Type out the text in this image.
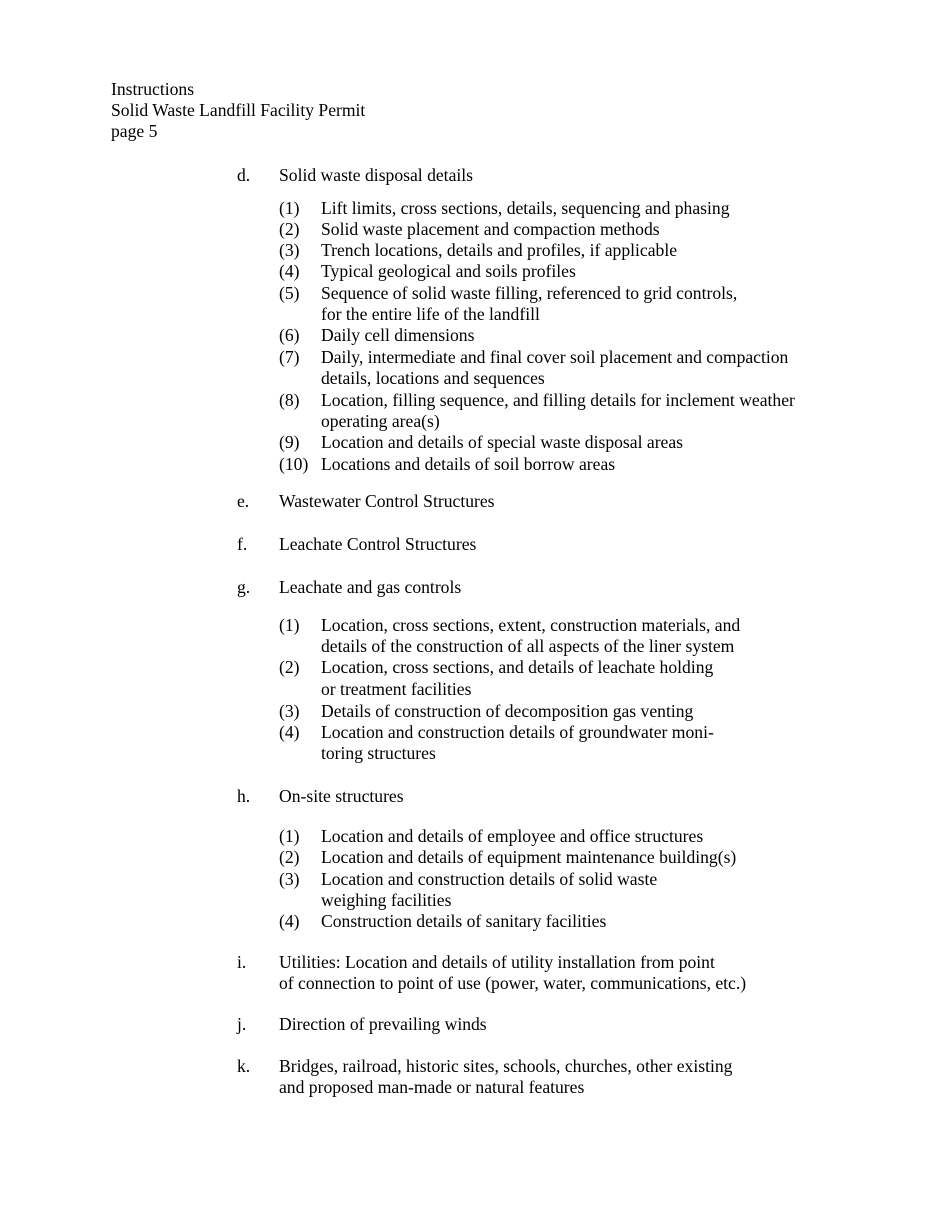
Instructions
Solid Waste Landfill Facility Permit
page 5
d. Solid waste disposal details
(1) Lift limits, cross sections, details, sequencing and phasing
(2) Solid waste placement and compaction methods
(3) Trench locations, details and profiles, if applicable
(4) Typical geological and soils profiles
(5) Sequence of solid waste filling, referenced to grid controls,
for the entire life of the landfill
(6) Daily cell dimensions
(7) Daily, intermediate and final cover soil placement and compaction
details, locations and sequences
(8) Location, filling sequence, and filling details for inclement weather
operating area(s)
(9) Location and details of special waste disposal areas
(10) Locations and details of soil borrow areas
e. Wastewater Control Structures
f. Leachate Control Structures
g. Leachate and gas controls
(1) Location, cross sections, extent, construction materials, and
details of the construction of all aspects of the liner system
(2) Location, cross sections, and details of leachate holding
or treatment facilities
(3) Details of construction of decomposition gas venting
(4) Location and construction details of groundwater moni-
toring structures
h. On-site structures
(1) Location and details of employee and office structures
(2) Location and details of equipment maintenance building(s)
(3) Location and construction details of solid waste
weighing facilities
(4) Construction details of sanitary facilities
i. Utilities: Location and details of utility installation from point
of connection to point of use (power, water, communications, etc.)
j. Direction of prevailing winds
k. Bridges, railroad, historic sites, schools, churches, other existing
and proposed man-made or natural features
